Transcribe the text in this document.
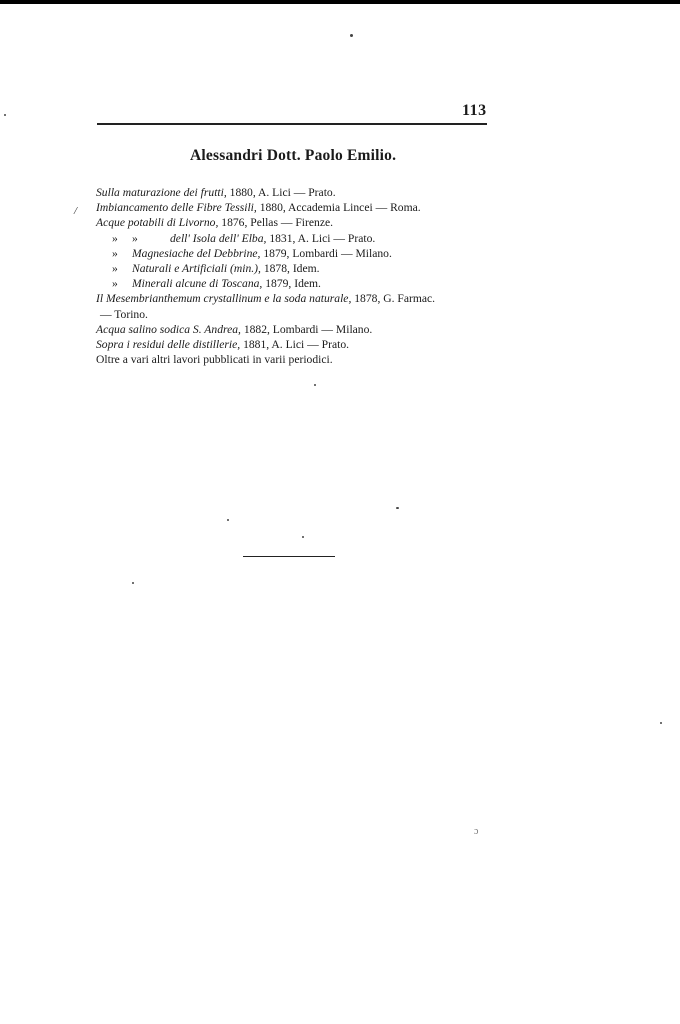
113
Alessandri Dott. Paolo Emilio.
/
Sulla maturazione dei frutti, 1880, A. Lici — Prato.
Imbiancamento delle Fibre Tessili, 1880, Accademia Lincei — Roma.
Acque potabili di Livorno, 1876, Pellas — Firenze.
» »	dell' Isola dell' Elba, 1831, A. Lici — Prato.
» Magnesiache del Debbrine, 1879, Lombardi — Milano.
» Naturali e Artificiali (min.), 1878, Idem.
» Minerali alcune di Toscana, 1879, Idem.
Il Mesembrianthemum crystallinum e la soda naturale, 1878, G. Farmac.
— Torino.
Acqua salino sodica S. Andrea, 1882, Lombardi — Milano.
Sopra i residui delle distillerie, 1881, A. Lici — Prato.
Oltre a vari altri lavori pubblicati in varii periodici.
ɔ
